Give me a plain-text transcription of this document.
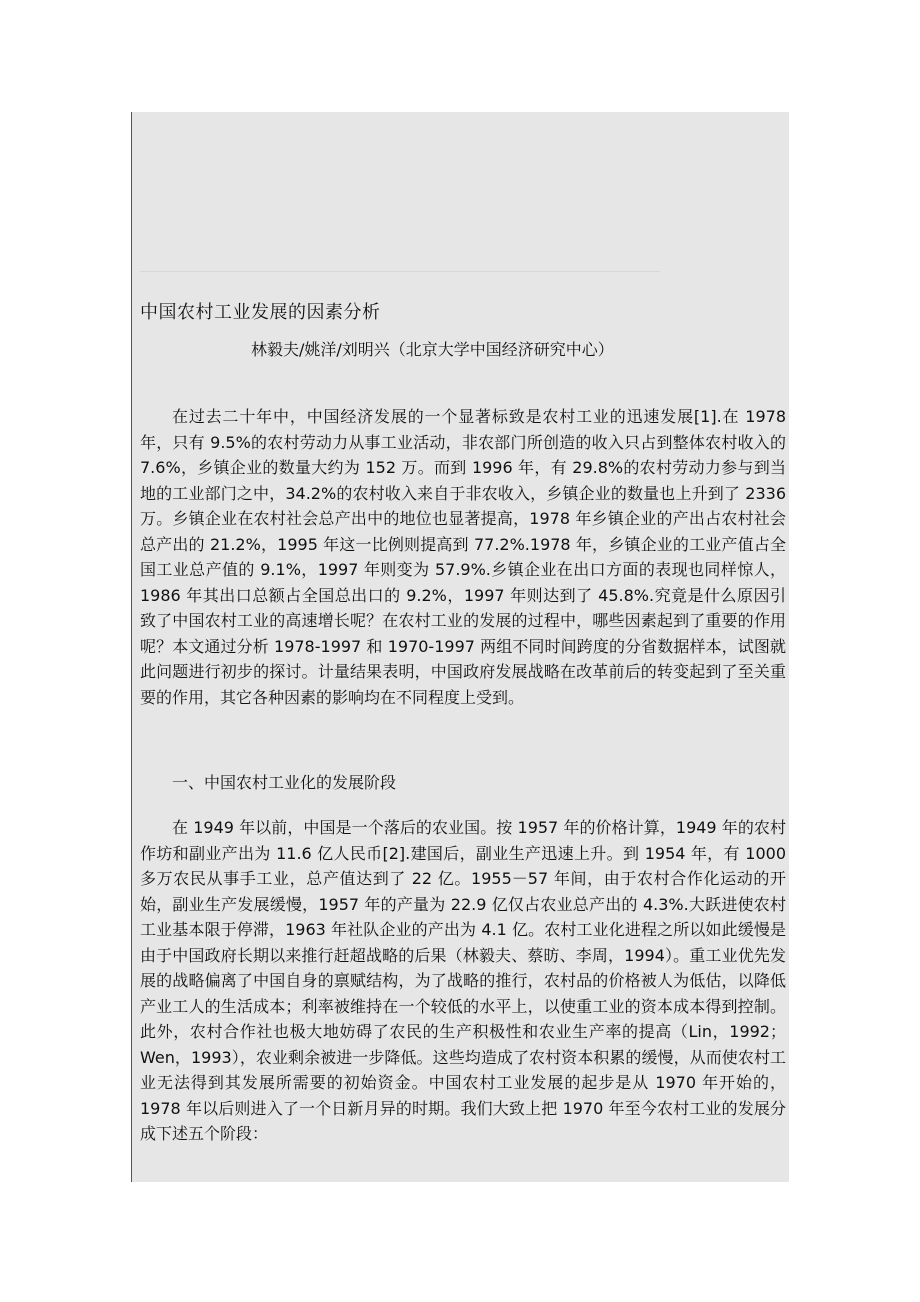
中国农村工业发展的因素分析

林毅夫/姚洋/刘明兴（北京大学中国经济研究中心）

在过去二十年中，中国经济发展的一个显著标致是农村工业的迅速发展[1].在 1978 年，只有 9.5%的农村劳动力从事工业活动，非农部门所创造的收入只占到整体农村收入的 7.6%，乡镇企业的数量大约为 152 万。而到 1996 年，有 29.8%的农村劳动力参与到当地的工业部门之中，34.2%的农村收入来自于非农收入，乡镇企业的数量也上升到了 2336 万。乡镇企业在农村社会总产出中的地位也显著提高，1978 年乡镇企业的产出占农村社会总产出的 21.2%，1995 年这一比例则提高到 77.2%.1978 年，乡镇企业的工业产值占全国工业总产值的 9.1%，1997 年则变为 57.9%.乡镇企业在出口方面的表现也同样惊人，1986 年其出口总额占全国总出口的 9.2%，1997 年则达到了 45.8%.究竟是什么原因引致了中国农村工业的高速增长呢？在农村工业的发展的过程中，哪些因素起到了重要的作用呢？本文通过分析 1978-1997 和 1970-1997 两组不同时间跨度的分省数据样本，试图就此问题进行初步的探讨。计量结果表明，中国政府发展战略在改革前后的转变起到了至关重要的作用，其它各种因素的影响均在不同程度上受到。

一、中国农村工业化的发展阶段

在 1949 年以前，中国是一个落后的农业国。按 1957 年的价格计算，1949 年的农村作坊和副业产出为 11.6 亿人民币[2].建国后，副业生产迅速上升。到 1954 年，有 1000 多万农民从事手工业，总产值达到了 22 亿。1955－57 年间，由于农村合作化运动的开始，副业生产发展缓慢，1957 年的产量为 22.9 亿仅占农业总产出的 4.3%.大跃进使农村工业基本限于停滞，1963 年社队企业的产出为 4.1 亿。农村工业化进程之所以如此缓慢是由于中国政府长期以来推行赶超战略的后果（林毅夫、蔡昉、李周，1994）。重工业优先发展的战略偏离了中国自身的禀赋结构，为了战略的推行，农村品的价格被人为低估，以降低产业工人的生活成本；利率被维持在一个较低的水平上，以使重工业的资本成本得到控制。此外，农村合作社也极大地妨碍了农民的生产积极性和农业生产率的提高（Lin，1992；Wen，1993），农业剩余被进一步降低。这些均造成了农村资本积累的缓慢，从而使农村工业无法得到其发展所需要的初始资金。中国农村工业发展的起步是从 1970 年开始的，1978 年以后则进入了一个日新月异的时期。我们大致上把 1970 年至今农村工业的发展分成下述五个阶段：
